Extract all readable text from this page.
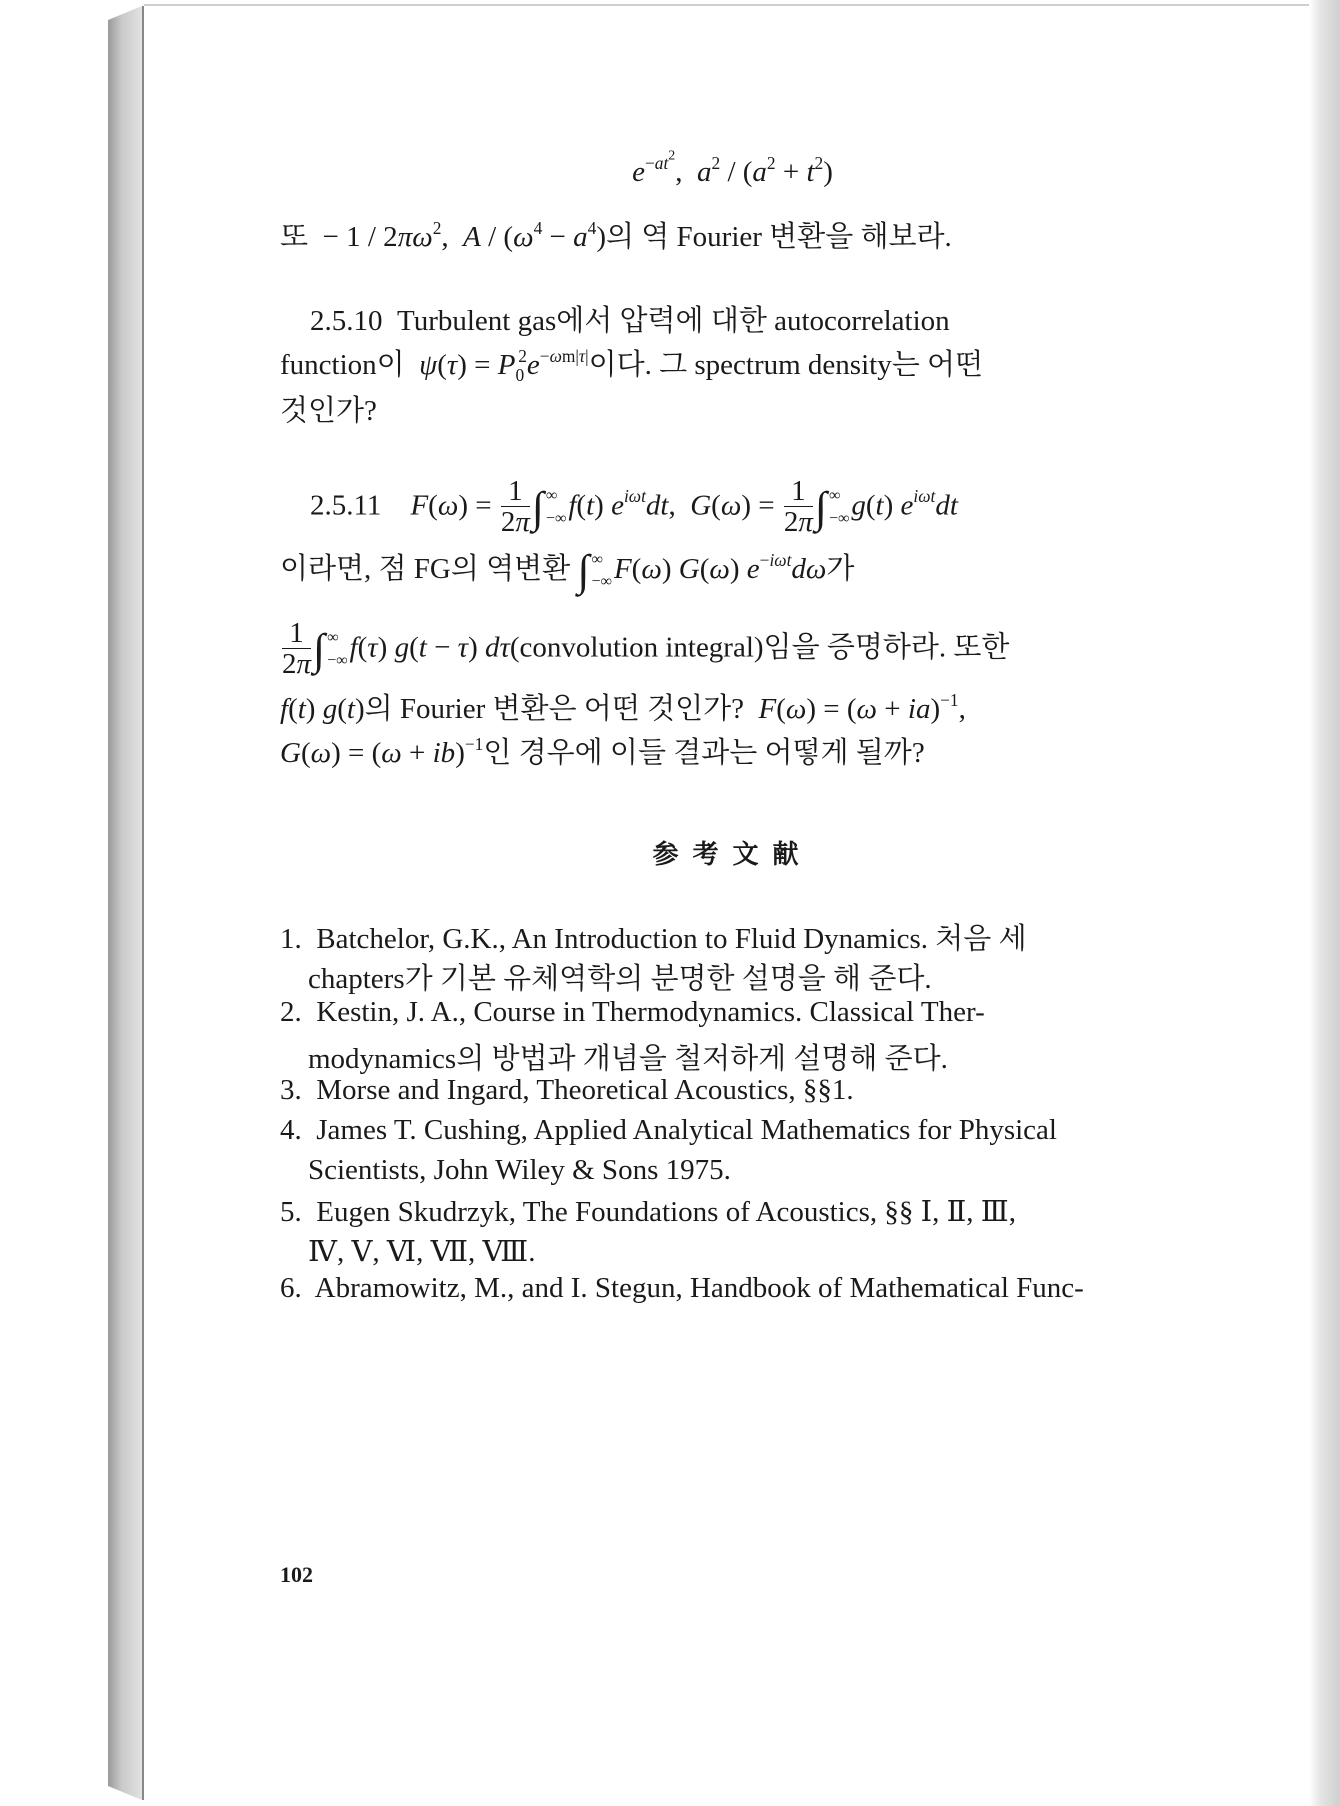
$e^{-at^2}$,  $a^2 / (a^2 + t^2)$
또  − $1 / 2\pi\omega^2$,  $A / (\omega^4 - a^4)$의 역 Fourier 변환을 해보라.
2.5.10 Turbulent gas에서 압력에 대한 autocorrelation
function이 $\psi(\tau) = P_0^2e^{-\omega m|\tau|}$이다. 그 spectrum density는 어떤
것인가?
2.5.11 $F(\omega) = \frac{1}{2\pi}$ ∫ ∞
−∞ f(t) $e^{i\omega t}dt$,  $G(\omega) = \frac{1}{2\pi}$ ∫ ∞
−∞ g(t) $e^{i\omega t}dt$
이라면, 점 FG의 역변환 ∫ ∞
−∞ F(ω) G(ω) $e^{-i\omega t}d\omega$가
$\frac{1}{2\pi}$ ∫ ∞
−∞ f(τ) g(t − τ) dτ(convolution integral)임을 증명하라. 또한
f(t) g(t)의 Fourier 변환은 어떤 것인가? F(ω) = (ω + ia)$^{-1}$,
G(ω) = (ω + ib)$^{-1}$인 경우에 이들 결과는 어떻게 될까?
参考文献
1. Batchelor, G.K., An Introduction to Fluid Dynamics. 처음 세
chapters가 기본 유체역학의 분명한 설명을 해 준다.
2. Kestin, J. A., Course in Thermodynamics. Classical Ther-
modynamics의 방법과 개념을 철저하게 설명해 준다.
3. Morse and Ingard, Theoretical Acoustics, §§1.
4. James T. Cushing, Applied Analytical Mathematics for Physical
Scientists, John Wiley & Sons 1975.
5. Eugen Skudrzyk, The Foundations of Acoustics, §§ Ⅰ, Ⅱ, Ⅲ,
Ⅳ, Ⅴ, Ⅵ, Ⅶ, Ⅷ.
6. Abramowitz, M., and I. Stegun, Handbook of Mathematical Func-
102
